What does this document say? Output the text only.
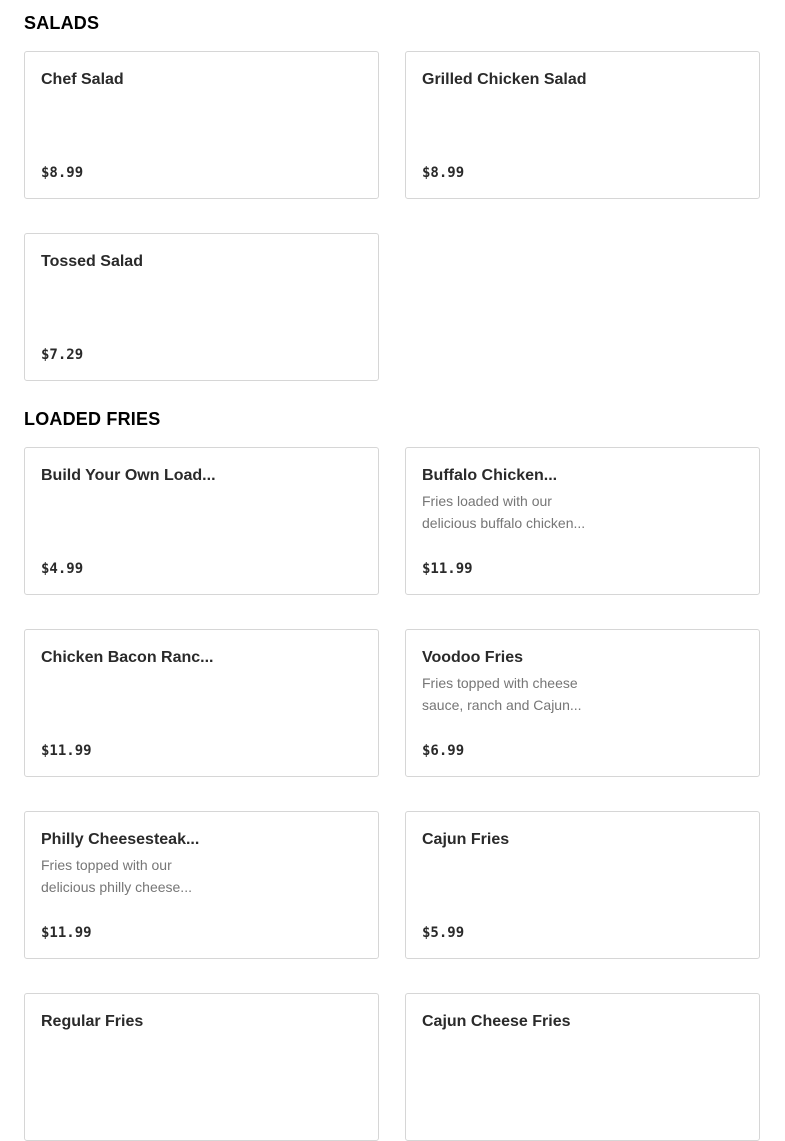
SALADS
Chef Salad
$8.99
Grilled Chicken Salad
$8.99
Tossed Salad
$7.29
LOADED FRIES
Build Your Own Load...
$4.99
Buffalo Chicken...
Fries loaded with our delicious buffalo chicken...
$11.99
Chicken Bacon Ranc...
$11.99
Voodoo Fries
Fries topped with cheese sauce, ranch and Cajun...
$6.99
Philly Cheesesteak...
Fries topped with our delicious philly cheese...
$11.99
Cajun Fries
$5.99
Regular Fries	Cajun Cheese Fries
